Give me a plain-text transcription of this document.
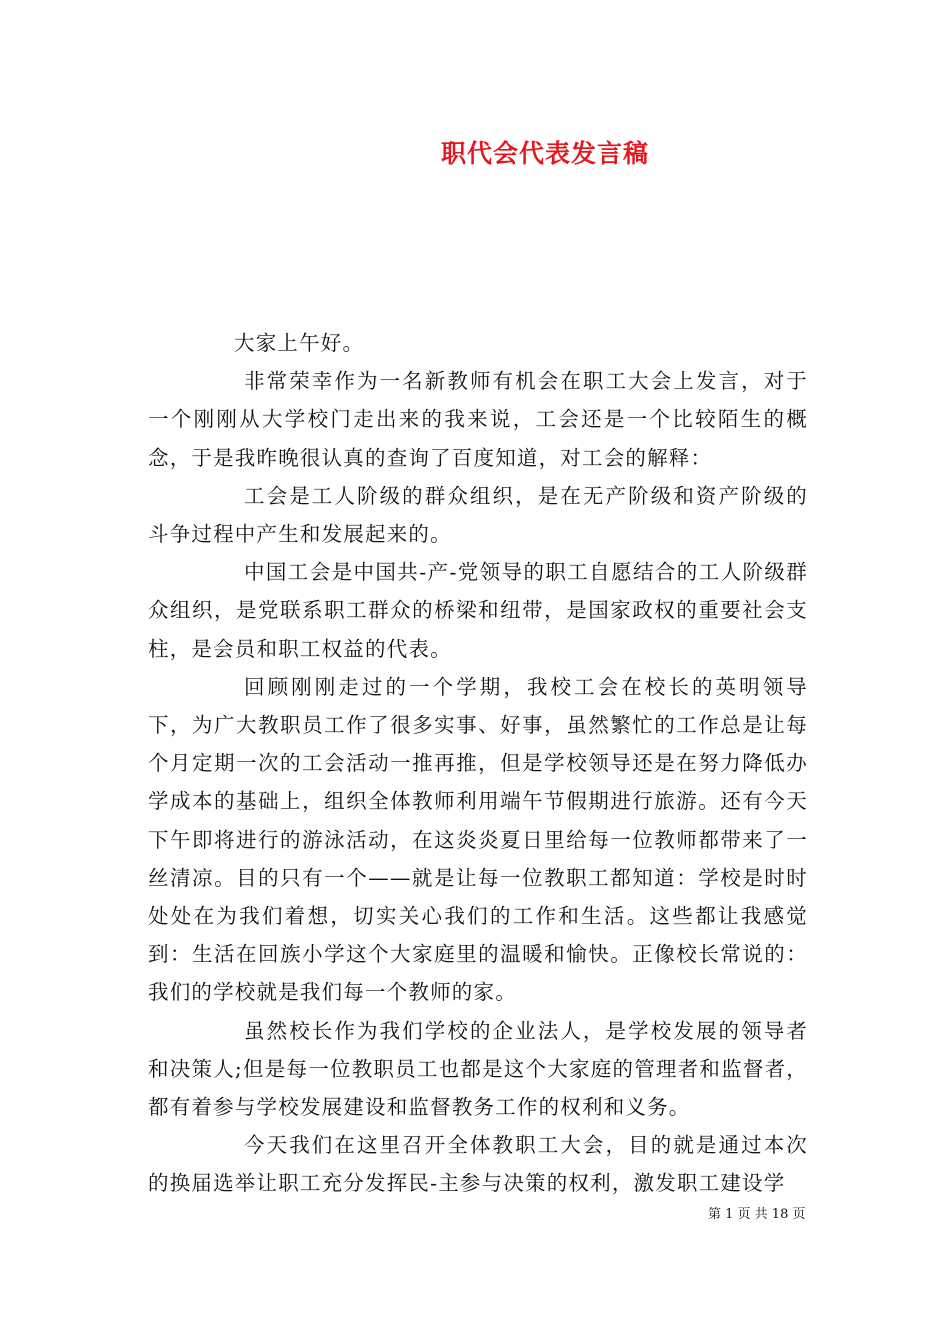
职代会代表发言稿

大家上午好。

非常荣幸作为一名新教师有机会在职工大会上发言，对于一个刚刚从大学校门走出来的我来说，工会还是一个比较陌生的概念，于是我昨晚很认真的查询了百度知道，对工会的解释：

工会是工人阶级的群众组织，是在无产阶级和资产阶级的斗争过程中产生和发展起来的。

中国工会是中国共-产-党领导的职工自愿结合的工人阶级群众组织，是党联系职工群众的桥梁和纽带，是国家政权的重要社会支柱，是会员和职工权益的代表。

回顾刚刚走过的一个学期，我校工会在校长的英明领导下，为广大教职员工作了很多实事、好事，虽然繁忙的工作总是让每个月定期一次的工会活动一推再推，但是学校领导还是在努力降低办学成本的基础上，组织全体教师利用端午节假期进行旅游。还有今天下午即将进行的游泳活动，在这炎炎夏日里给每一位教师都带来了一丝清凉。目的只有一个——就是让每一位教职工都知道：学校是时时处处在为我们着想，切实关心我们的工作和生活。这些都让我感觉到：生活在回族小学这个大家庭里的温暖和愉快。正像校长常说的：我们的学校就是我们每一个教师的家。

虽然校长作为我们学校的企业法人，是学校发展的领导者和决策人;但是每一位教职员工也都是这个大家庭的管理者和监督者，都有着参与学校发展建设和监督教务工作的权利和义务。

今天我们在这里召开全体教职工大会，目的就是通过本次的换届选举让职工充分发挥民-主参与决策的权利，激发职工建设学

第 1 页 共 18 页
